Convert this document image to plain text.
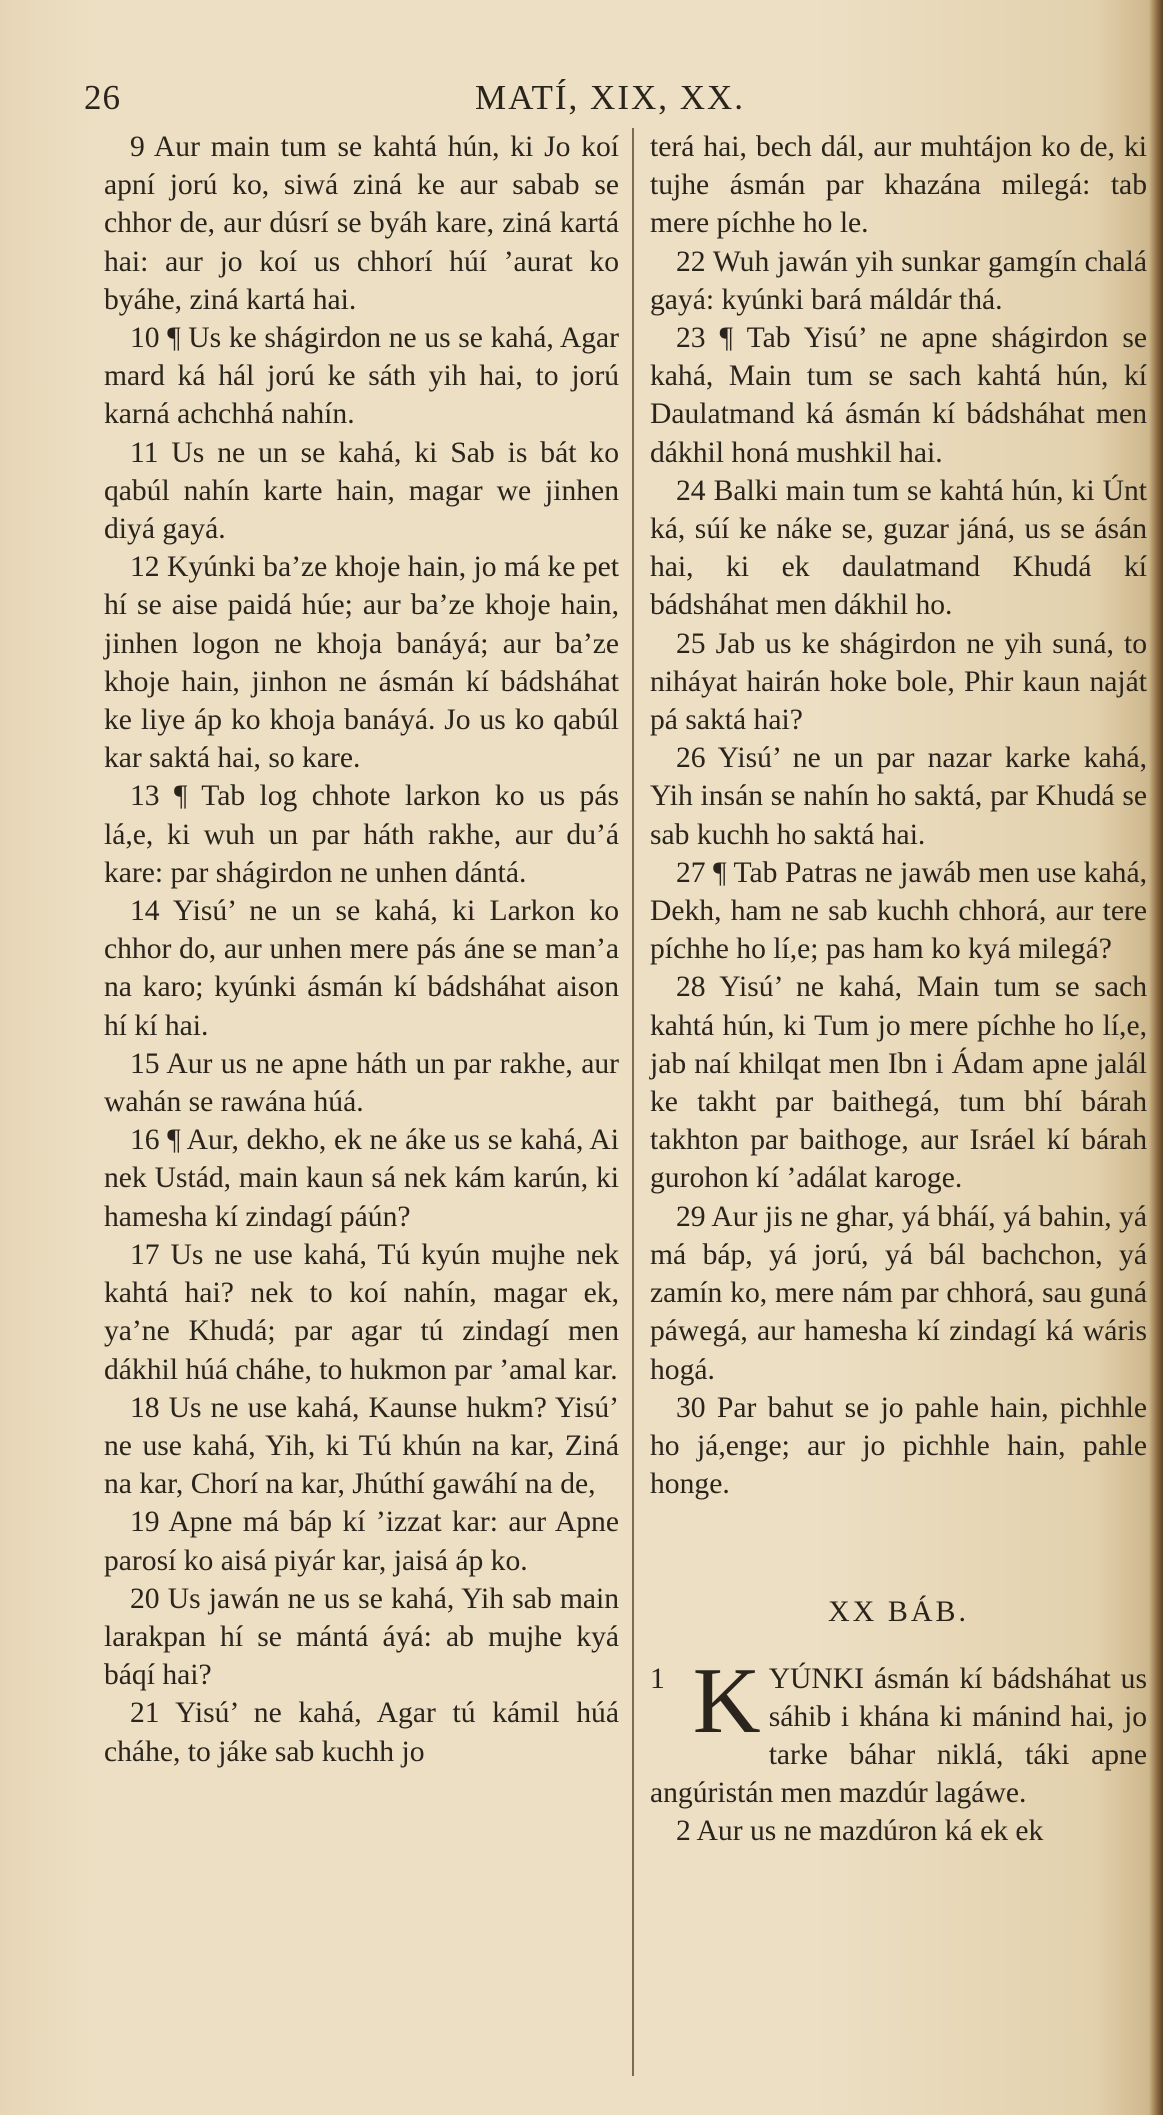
26	MATÍ, XIX, XX.

9 Aur main tum se kahtá hún, ki Jo koí apní jorú ko, siwá ziná ke aur sabab se chhor de, aur dúsrí se byáh kare, ziná kartá hai: aur jo koí us chhorí húí ’aurat ko byáhe, ziná kartá hai.

10 ¶ Us ke shágirdon ne us se kahá, Agar mard ká hál jorú ke sáth yih hai, to jorú karná achchhá nahín.

11 Us ne un se kahá, ki Sab is bát ko qabúl nahín karte hain, magar we jinhen diyá gayá.

12 Kyúnki ba’ze khoje hain, jo má ke pet hí se aise paidá húe; aur ba’ze khoje hain, jinhen logon ne khoja banáyá; aur ba’ze khoje hain, jinhon ne ásmán kí bádsháhat ke liye áp ko khoja banáyá. Jo us ko qabúl kar saktá hai, so kare.

13 ¶ Tab log chhote larkon ko us pás lá,e, ki wuh un par háth rakhe, aur du’á kare: par shágirdon ne unhen dántá.

14 Yisú’ ne un se kahá, ki Larkon ko chhor do, aur unhen mere pás áne se man’a na karo; kyúnki ásmán kí bádsháhat aison hí kí hai.

15 Aur us ne apne háth un par rakhe, aur wahán se rawána húá.

16 ¶ Aur, dekho, ek ne áke us se kahá, Ai nek Ustád, main kaun sá nek kám karún, ki hamesha kí zindagí páún?

17 Us ne use kahá, Tú kyún mujhe nek kahtá hai? nek to koí nahín, magar ek, ya’ne Khudá; par agar tú zindagí men dákhil húá cháhe, to hukmon par ’amal kar.

18 Us ne use kahá, Kaunse hukm? Yisú’ ne use kahá, Yih, ki Tú khún na kar, Ziná na kar, Chorí na kar, Jhúthí gawáhí na de,

19 Apne má báp kí ’izzat kar: aur Apne parosí ko aisá piyár kar, jaisá áp ko.

20 Us jawán ne us se kahá, Yih sab main larakpan hí se mántá áyá: ab mujhe kyá báqí hai?

21 Yisú’ ne kahá, Agar tú kámil húá cháhe, to jáke sab kuchh jo

terá hai, bech dál, aur muhtájon ko de, ki tujhe ásmán par khazána milegá: tab mere píchhe ho le.

22 Wuh jawán yih sunkar gamgín chalá gayá: kyúnki bará máldár thá.

23 ¶ Tab Yisú’ ne apne shágirdon se kahá, Main tum se sach kahtá hún, kí Daulatmand ká ásmán kí bádsháhat men dákhil honá mushkil hai.

24 Balki main tum se kahtá hún, ki Únt ká, súí ke náke se, guzar jáná, us se ásán hai, ki ek daulatmand Khudá kí bádsháhat men dákhil ho.

25 Jab us ke shágirdon ne yih suná, to niháyat hairán hoke bole, Phir kaun naját pá saktá hai?

26 Yisú’ ne un par nazar karke kahá, Yih insán se nahín ho saktá, par Khudá se sab kuchh ho saktá hai.

27 ¶ Tab Patras ne jawáb men use kahá, Dekh, ham ne sab kuchh chhorá, aur tere píchhe ho lí,e; pas ham ko kyá milegá?

28 Yisú’ ne kahá, Main tum se sach kahtá hún, ki Tum jo mere píchhe ho lí,e, jab naí khilqat men Ibn i Ádam apne jalál ke takht par baithegá, tum bhí bárah takhton par baithoge, aur Isráel kí bárah gurohon kí ’adálat karoge.

29 Aur jis ne ghar, yá bháí, yá bahin, yá má báp, yá jorú, yá bál bachchon, yá zamín ko, mere nám par chhorá, sau guná páwegá, aur hamesha kí zindagí ká wáris hogá.

30 Par bahut se jo pahle hain, pichhle ho já,enge; aur jo pichhle hain, pahle honge.

XX BÁB.

1 K YÚNKI ásmán kí bádsháhat us sáhib i khána ki mánind hai, jo tarke báhar niklá, táki apne angúristán men mazdúr lagáwe.

2 Aur us ne mazdúron ká ek ek
